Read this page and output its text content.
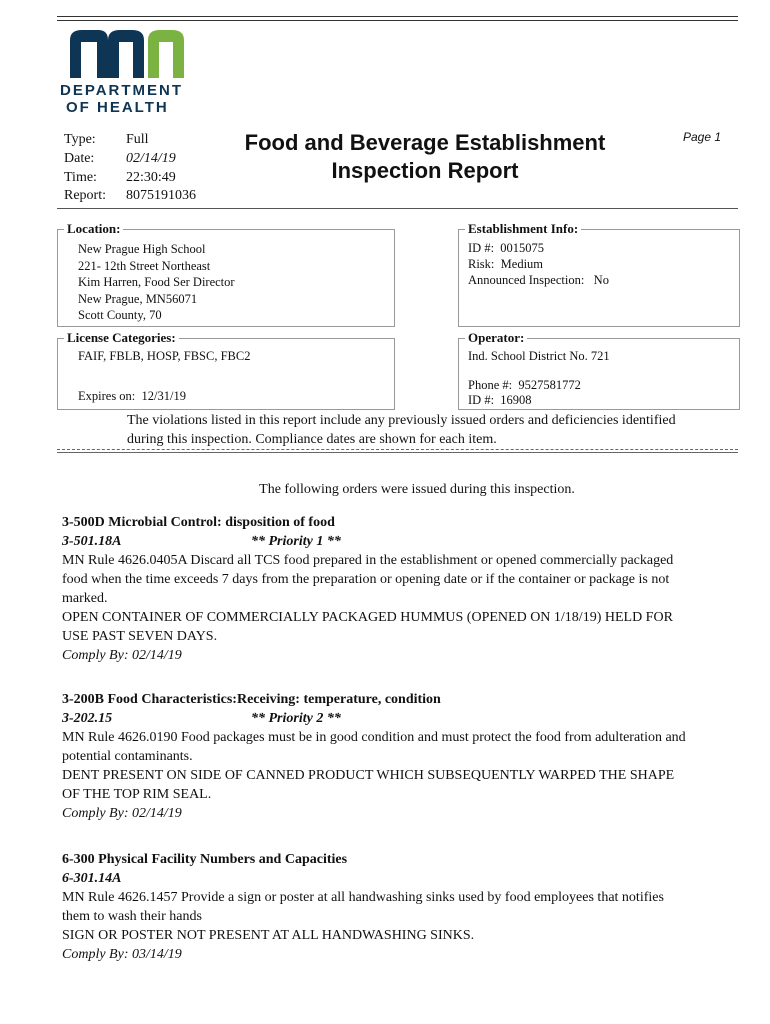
DEPARTMENT
OF HEALTH
Type: Full
Date: 02/14/19
Time: 22:30:49
Report: 8075191036
Food and Beverage Establishment
Inspection Report
Page 1
Location:
New Prague High School
221- 12th Street Northeast
Kim Harren, Food Ser Director
New Prague, MN56071
Scott County, 70
Establishment Info:
ID #: 0015075
Risk: Medium
Announced Inspection: No
License Categories:
FAIF, FBLB, HOSP, FBSC, FBC2
Expires on: 12/31/19
Operator:
Ind. School District No. 721
Phone #: 9527581772
ID #: 16908
The violations listed in this report include any previously issued orders and deficiencies identified
during this inspection. Compliance dates are shown for each item.
The following orders were issued during this inspection.

3-500D Microbial Control: disposition of food

3-501.18A	** Priority 1 **

MN Rule 4626.0405A Discard all TCS food prepared in the establishment or opened commercially packaged

food when the time exceeds 7 days from the preparation or opening date or if the container or package is not

marked.

OPEN CONTAINER OF COMMERCIALLY PACKAGED HUMMUS (OPENED ON 1/18/19) HELD FOR

USE PAST SEVEN DAYS.

Comply By: 02/14/19

3-200B Food Characteristics:Receiving: temperature, condition

3-202.15	** Priority 2 **

MN Rule 4626.0190 Food packages must be in good condition and must protect the food from adulteration and

potential contaminants.

DENT PRESENT ON SIDE OF CANNED PRODUCT WHICH SUBSEQUENTLY WARPED THE SHAPE

OF THE TOP RIM SEAL.

Comply By: 02/14/19

6-300 Physical Facility Numbers and Capacities

6-301.14A

MN Rule 4626.1457 Provide a sign or poster at all handwashing sinks used by food employees that notifies

them to wash their hands

SIGN OR POSTER NOT PRESENT AT ALL HANDWASHING SINKS.

Comply By: 03/14/19
